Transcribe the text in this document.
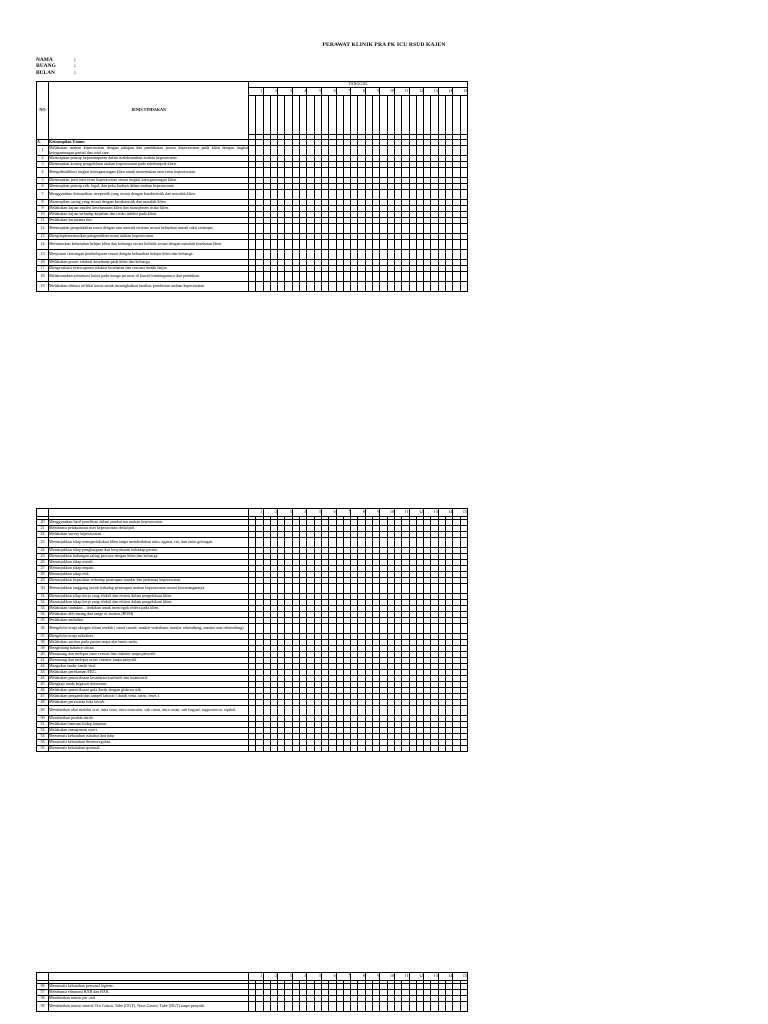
PERAWAT KLINIK PRA PK ICU RSUD KAJEN
NAMA	:
RUANG	:
BULAN	:
NO	JENIS TINDAKAN	TANGGAL																													
		1		2		3		4		5		6		7		8		9		10		11		12		13		14		15	

A.	Ketrampilan Umum																														
1	Melakukan asuhan keperawatan dengan tahapan dan pendekatan proses keperawatan pada klien dengan tingkat ketergantungan partial dan total care.																														
2	Menerapkan prinsip kepemimpinan dalam melaksanakan asuhan keperawatan.																														
3	Menerapkan konsep pengelolaan asuhan keperawatan pada sekelompok klien.																														
4	Mengidentifikasi tingkat ketergantungan klien untuk menentukan intervensi keperawatan.																														
5	Menerapkan jenis intervensi keperawatan sesuai tingkat ketergantungan klien.																														
6	Menerapkan prinsip etik, legal, dan peka budaya dalam asuhan keperawatan																														
7	Menggunakan komunikasi terapeutik yang sesuai dengan karakteristik dan masalah klien.																														
8	Menerapkan caring yang sesuai dengan karakteristik dan masalah klien.																														
9	Melakukan kajian insiden keselamatan klien dan manajemen risiko klien.																														
10	Melakukan kajian terhadap kejadian dan risiko infeksi pada klien.																														
11	Melakukan kerjasama tim.																														
12	Menerapkan pengendalian mutu dengan satu metoda tertentu sesuai kebijakan rumah sakit setempat.																														
13	Mengimplementasikan pengendalian mutu asuhan keperawatan.																														
14	Merumuskan kebutuhan belajar klien dan keluarga secara holistik sesuai dengan masalah kesehatan klien.																														
15	Menyusun rancangan pembelajaran sesuai dengan kebutuhan belajar klien dan keluarga.																														
16	Melakukan proses edukasi kesehatan pada klien dan keluarga.																														
17	Mengevaluasi ketercapaian edukasi kesehatan dan rencana tindak lanjut.																														
18	Melaksanakan presentasi kasus pada tenaga perawat di bawah bimbingannya dan pembikan.																														
19	Melakukan diskusi refleksi kasus untuk meningkatkan kualitas pemberian asuhan keperawatan.																														
		1		2		3		4		5		6		7		8		9		10		11		12		13		14		15	

20	Menggunakan hasil penelitian dalam pemberian asuhan keperawatan.																														
21	Membantu pelaksanaan riset keperawatan deskriptif.																														
22	Melakukan survey keperawatan.																														
23	Menunjukkan sikap memperlakukan klien tanpa membedakan suku, agama, ras, dan antar golongan.																														
24	Menunjukkan sikap penghargaan dan kesyukuran terhadap pasien.																														
25	Menunjukkan hubungan saling percaya dengan klien dan keluarga.																														
26	Menunjukkan sikap asertif.																														
27	Menunjukkan sikap empati.																														
28	Menunjukkan sikap etik.																														
29	Menunjukkan kepatuhan terhadap penerapan standar dan pedoman keperawatan.																														
30	Menunjukkan tanggung jawab terhadap penerapan asuhan keperawatan sesuai kewenangannya.																														
31	Menunjukkan sikap kerja yang efektif dan efisien dalam pengelolaan klien.																														
32	Menunjukkan sikap kerja yang efektif dan efisien dalam pengelolaan klien.																														
33	Melakukan tindakan – tindakan untuk mencegah cedera pada klien.																														
34	Melakukan alih baring dan range of motion (ROM)																														
35	Melakukan ambulasi.																														
36	Mengelola terapi oksigen aliran rendah ( nasal canule, masker sederhana, masker rebreathing, masker non rebreathing).																														
37	Mengelola terapi nebulizer.																														
38	Melakukan suction pada pasien tanpa alat bantu nafas.																														
39	Menghitung balance cairan.																														
40	Memasang dan melepas intra venous line chateter tanpa penyulit.																														
41	Memasang dan melepas urine chateter tanpa penyulit.																														
42	Mengukur tanda- tanda vital.																														
43	Melakukan perekaman EKG.																														
44	Melakukan pemeriksaan kesadaran kualitatif dan kuantitatif.																														
45	Mengkaji tanda kegawat daruratan.																														
46	Melakukan pemeriksaan gula darah dengan glukosa stik.																														
47	Melakukan pengambilan sampel laborat ( darah vena, urine, feses ).																														
48	Melakukan perawatan luka bersih.																														
49	Memberikan obat melalui oral, intra vena, intra muscular, sub cutan, intra cutan, sub lingual, suppositoria, topikal.																														
50	Memberikan produk darah.																														
51	Melakukan bantuan hidup lanjutan.																														
52	Melakukan manajemen nyeri.																														
53	Memenuhi kebutuhan istirahat dan tidur																														
54	Memenuhi kebutuhan thermoregulasi.																														
55	Memenuhi kebutuhan spiritual.																														
		1		2		3		4		5		6		7		8		9		10		11		12		13		14		15	

56	Memenuhi kebutuhan personal higiene.																														
57	Membantu eliminasi BAB dan BAK																														
58	Memberikan nutrisi per oral																														
59	Memberikan nutrisi enteral Oro Gastric Tube (OGT), Naso Gastric Tube (NGT) tanpa penyulit.																														
